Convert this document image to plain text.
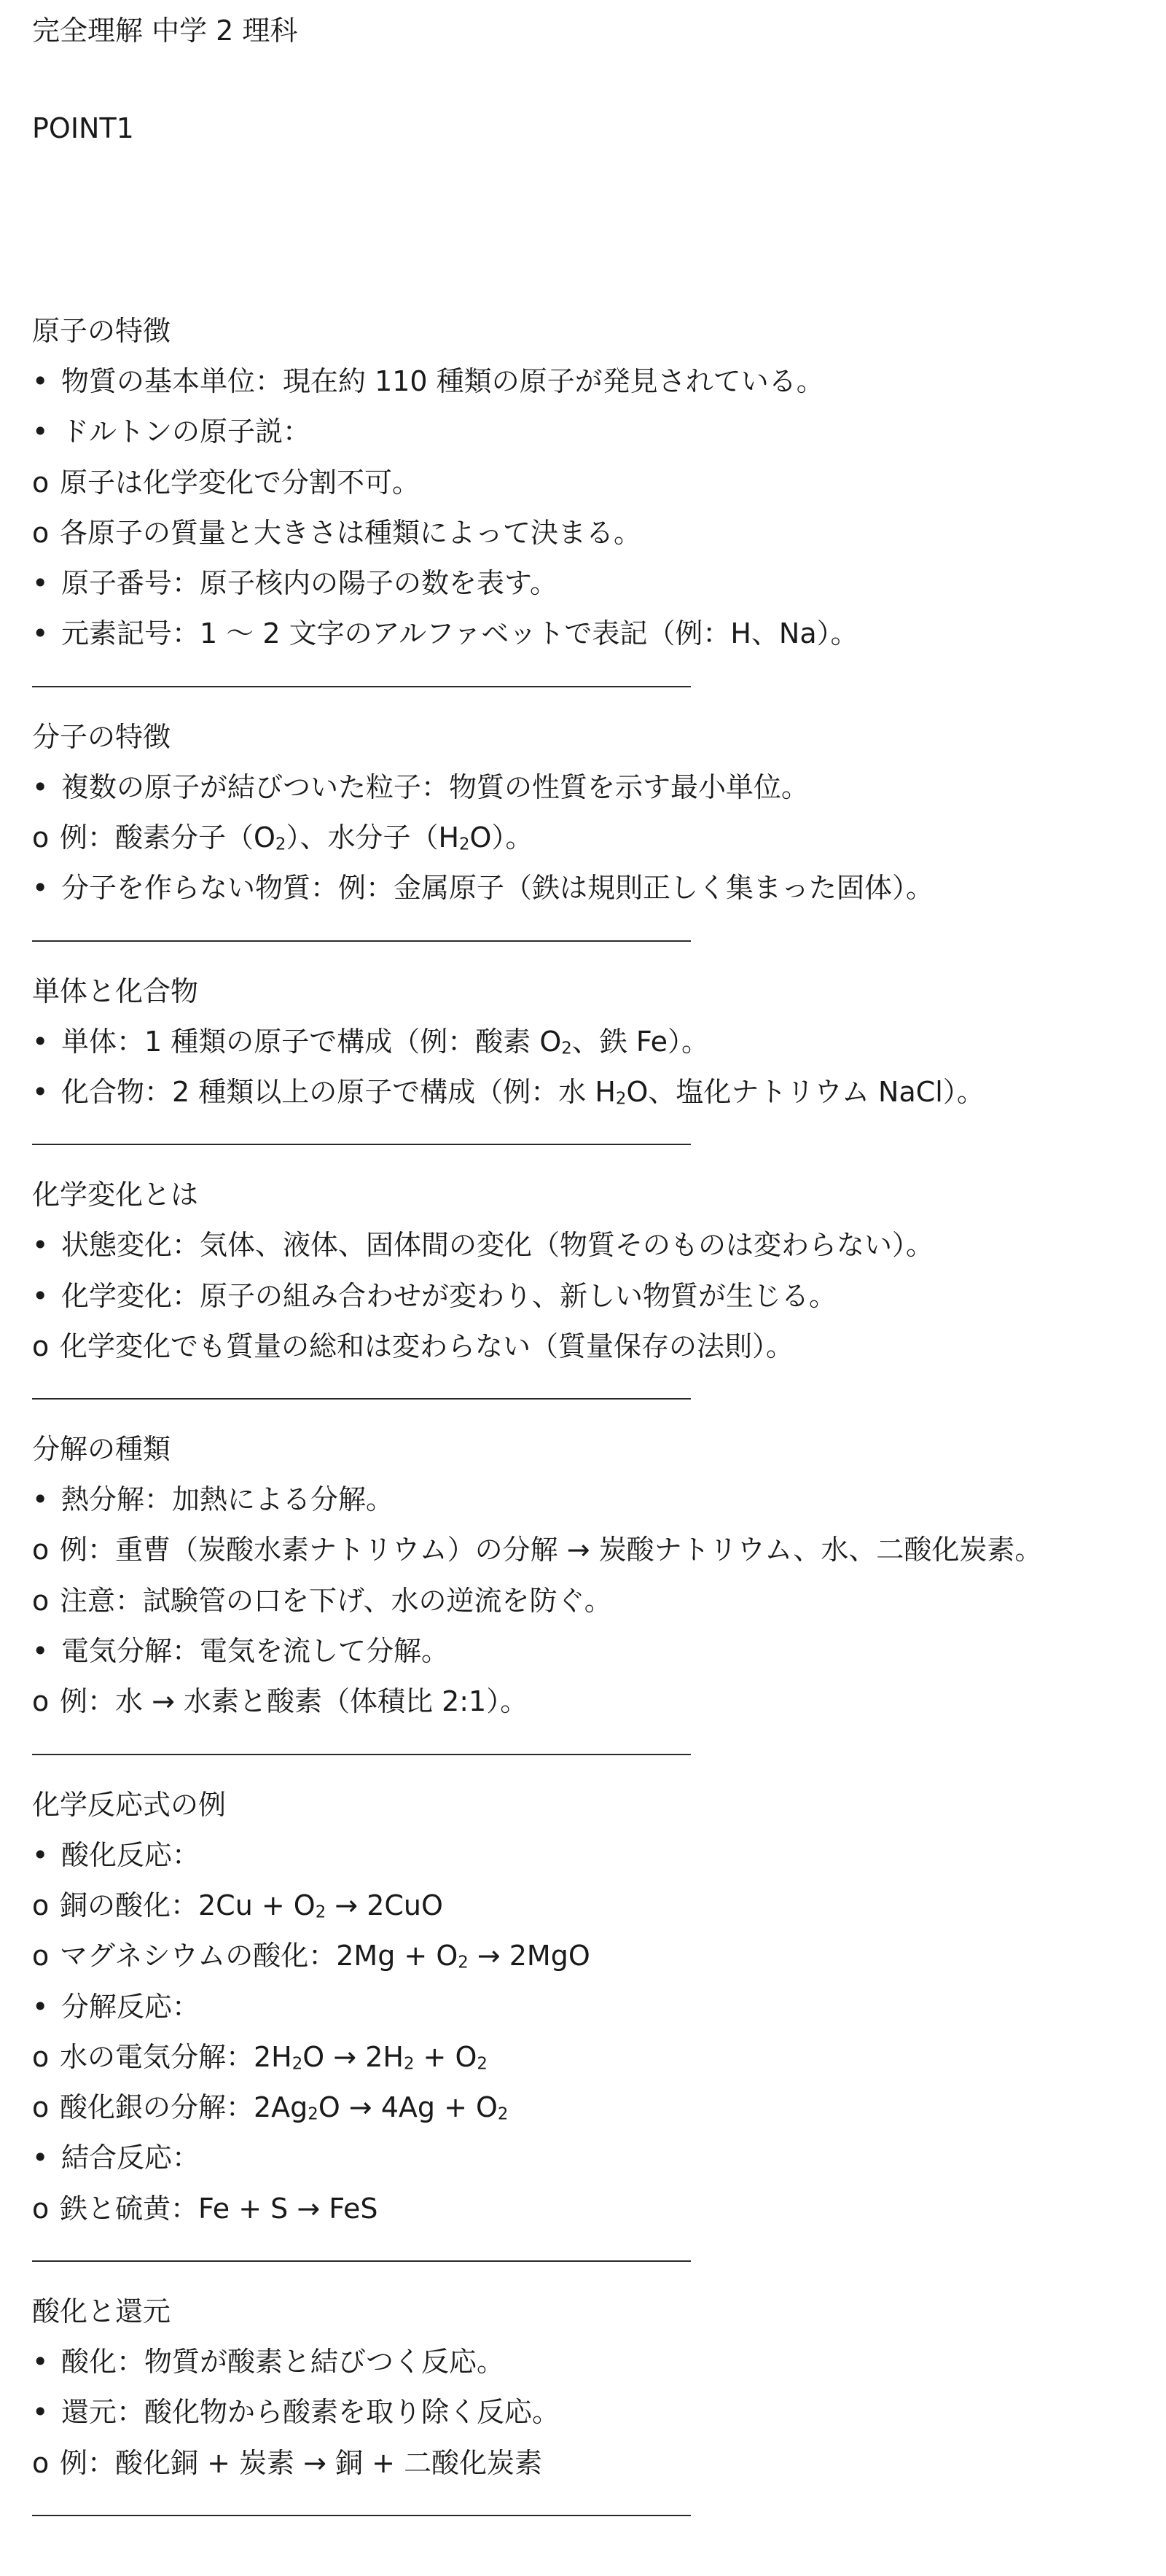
完全理解 中学 2 理科
POINT1
原子の特徴
• 物質の基本単位：現在約 110 種類の原子が発見されている。
• ドルトンの原子説：
o 原子は化学変化で分割不可。
o 各原子の質量と大きさは種類によって決まる。
• 原子番号：原子核内の陽子の数を表す。
• 元素記号：1 〜 2 文字のアルファベットで表記（例：H、Na）。
分子の特徴
• 複数の原子が結びついた粒子：物質の性質を示す最小単位。
o 例：酸素分子$(O_2)$、水分子$(H_2O)$。
• 分子を作らない物質：例：金属原子（鉄は規則正しく集まった固体）。
単体と化合物
• 単体：1 種類の原子で構成（例：酸素 $O_2$、鉄 Fe）。
• 化合物：2 種類以上の原子で構成（例：水 $H_2O$、塩化ナトリウム NaCl）。
化学変化とは
• 状態変化：気体、液体、固体間の変化（物質そのものは変わらない）。
• 化学変化：原子の組み合わせが変わり、新しい物質が生じる。
o 化学変化でも質量の総和は変わらない（質量保存の法則）。
分解の種類
• 熱分解：加熱による分解。
o 例：重曹（炭酸水素ナトリウム）の分解 → 炭酸ナトリウム、水、二酸化炭素。
o 注意：試験管の口を下げ、水の逆流を防ぐ。
• 電気分解：電気を流して分解。
o 例：水 → 水素と酸素（体積比 2:1）。
化学反応式の例
• 酸化反応：
o 銅の酸化：$2Cu + O_2 \to 2CuO$
o マグネシウムの酸化：$2Mg + O_2 \to 2MgO$
• 分解反応：
o 水の電気分解：$2H_2O \to 2H_2 + O_2$
o 酸化銀の分解：$2Ag_2O \to 4Ag + O_2$
• 結合反応：
o 鉄と硫黄：Fe + S → FeS
酸化と還元
• 酸化：物質が酸素と結びつく反応。
• 還元：酸化物から酸素を取り除く反応。
o 例：酸化銅 + 炭素 → 銅 + 二酸化炭素
